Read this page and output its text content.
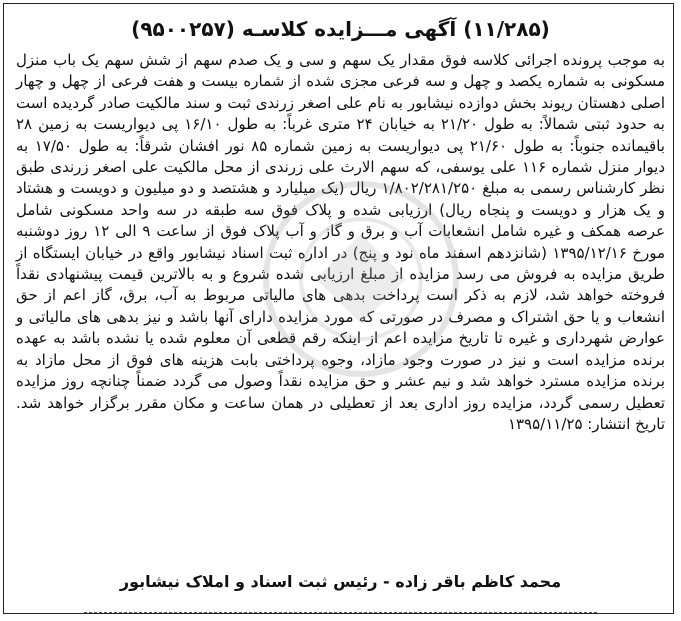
(۱۱/۲۸۵) آگهی مـــزایده کلاسـه (۹۵۰۰۲۵۷)

به موجب پرونده اجرائی کلاسه فوق مقدار یک سهم و سی و یک صدم سهم از شش سهم یک باب منزل مسکونی به شماره یکصد و چهل و سه فرعی مجزی شده از شماره بیست و هفت فرعی از چهل و چهار اصلی دهستان ریوند بخش دوازده نیشابور به نام علی اصغر زرندی ثبت و سند مالکیت صادر گردیده است به حدود ثبتی شمالاً: به طول ۲۱/۲۰ به خیابان ۲۴ متری غرباً: به طول ۱۶/۱۰ پی دیواریست به زمین ۲۸ باقیمانده جنوباً: به طول ۲۱/۶۰ پی دیواریست به زمین شماره ۸۵ نور افشان شرقاً: به طول ۱۷/۵۰ به دیوار منزل شماره ۱۱۶ علی یوسفی، که سهم الارث علی زرندی از محل مالکیت علی اصغر زرندی طبق نظر کارشناس رسمی به مبلغ ۱/۸۰۲/۲۸۱/۲۵۰ ریال (یک میلیارد و هشتصد و دو میلیون و دویست و هشتاد و یک هزار و دویست و پنجاه ریال) ارزیابی شده و پلاک فوق سه طبقه در سه واحد مسکونی شامل عرصه همکف و غیره شامل انشعابات آب و برق و گاز و آب پلاک فوق از ساعت ۹ الی ۱۲ روز دوشنبه مورخ ۱۳۹۵/۱۲/۱۶ (شانزدهم اسفند ماه نود و پنج) در اداره ثبت اسناد نیشابور واقع در خیابان ایستگاه از طریق مزایده به فروش می رسد مزایده از مبلغ ارزیابی شده شروع و به بالاترین قیمت پیشنهادی نقداً فروخته خواهد شد، لازم به ذکر است پرداخت بدهی های مالیاتی مربوط به آب، برق، گاز اعم از حق انشعاب و یا حق اشتراک و مصرف در صورتی که مورد مزایده دارای آنها باشد و نیز بدهی های مالیاتی و عوارض شهرداری و غیره تا تاریخ مزایده اعم از اینکه رقم قطعی آن معلوم شده یا نشده باشد به عهده برنده مزایده است و نیز در صورت وجود مازاد، وجوه پرداختی بابت هزینه های فوق از محل مازاد به برنده مزایده مسترد خواهد شد و نیم عشر و حق مزایده نقداً وصول می گردد ضمناً چنانچه روز مزایده تعطیل رسمی گردد، مزایده روز اداری بعد از تعطیلی در همان ساعت و مکان مقرر برگزار خواهد شد. تاریخ انتشار: ۱۳۹۵/۱۱/۲۵

محمد کاظم باقر زاده - رئیس ثبت اسناد و املاک نیشابور
